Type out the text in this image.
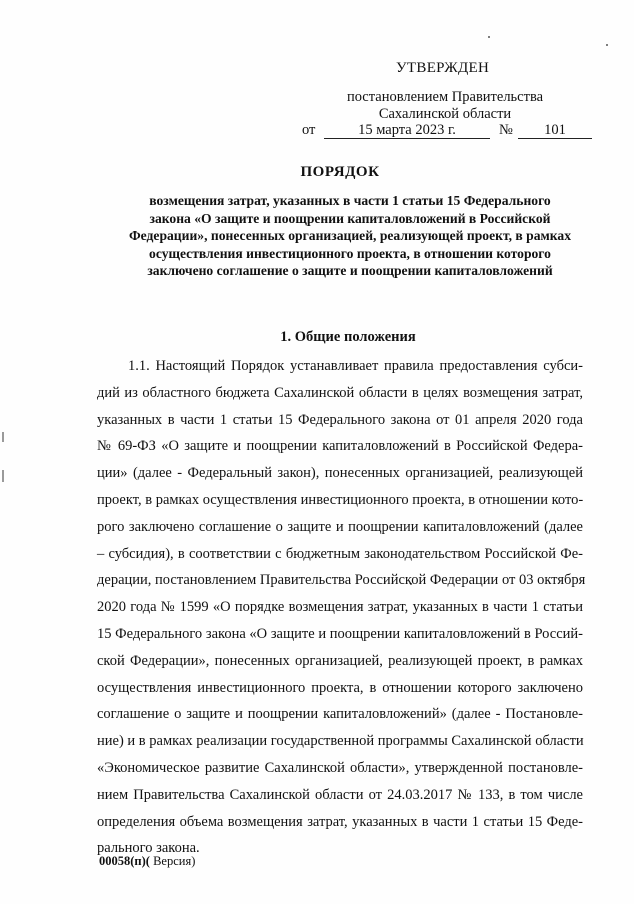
УТВЕРЖДЕН
постановлением Правительства
Сахалинской области
от	15 марта 2023 г.	№	101
ПОРЯДОК
возмещения затрат, указанных в части 1 статьи 15 Федерального
закона «О защите и поощрении капиталовложений в Российской
Федерации», понесенных организацией, реализующей проект, в рамках
осуществления инвестиционного проекта, в отношении которого
заключено соглашение о защите и поощрении капиталовложений
1. Общие положения
1.1. Настоящий Порядок устанавливает правила предоставления субси-
дий из областного бюджета Сахалинской области в целях возмещения затрат,
указанных в части 1 статьи 15 Федерального закона от 01 апреля 2020 года
№ 69-ФЗ «О защите и поощрении капиталовложений в Российской Федера-
ции» (далее - Федеральный закон), понесенных организацией, реализующей
проект, в рамках осуществления инвестиционного проекта, в отношении кото-
рого заключено соглашение о защите и поощрении капиталовложений (далее
– субсидия), в соответствии с бюджетным законодательством Российской Фе-
дерации, постановлением Правительства Российской Федерации от 03 октября
2020 года № 1599 «О порядке возмещения затрат, указанных в части 1 статьи
15 Федерального закона «О защите и поощрении капиталовложений в Россий-
ской Федерации», понесенных организацией, реализующей проект, в рамках
осуществления инвестиционного проекта, в отношении которого заключено
соглашение о защите и поощрении капиталовложений» (далее - Постановле-
ние) и в рамках реализации государственной программы Сахалинской области
«Экономическое развитие Сахалинской области», утвержденной постановле-
нием Правительства Сахалинской области от 24.03.2017 № 133, в том числе
определения объема возмещения затрат, указанных в части 1 статьи 15 Феде-
рального закона.
00058(п)( Версия)
